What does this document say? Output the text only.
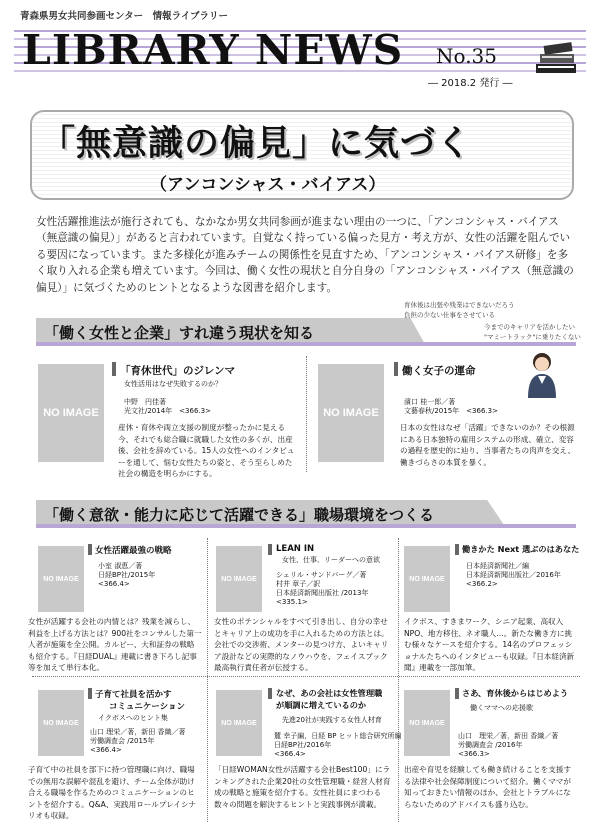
青森県男女共同参画センター　情報ライブラリー
LIBRARY NEWS No.35
― 2018.2 発行 ―
「無意識の偏見」に気づく
（アンコンシャス・バイアス）
女性活躍推進法が施行されても、なかなか男女共同参画が進まない理由の一つに、「アンコンシャス・バイアス（無意識の偏見）」があると言われています。自覚なく持っている偏った見方・考え方が、女性の活躍を阻んでいる要因になっています。また多様化が進みチームの関係性を見直すため、「アンコンシャス・バイアス研修」を多く取り入れる企業も増えています。今回は、働く女性の現状と自分自身の「アンコンシャス・バイアス（無意識の偏見）」に気づくためのヒントとなるような図書を紹介します。
「働く女性と企業」すれ違う現状を知る
育休後は出張や残業はできないだろう
負担の少ない仕事をさせている
今までのキャリアを活かしたい
"マミートラック"に乗りたくない
NO IMAGE
「育休世代」のジレンマ
女性活用はなぜ失敗するのか？
中野　円佳著
光文社/2014年　<366.3>
産休・育休や両立支援の制度が整ったかに見える今、それでも総合職に就職した女性の多くが、出産後、会社を辞めている。15人の女性へのインタビューを通して、悩む女性たちの姿と、そう至らしめた社会の構造を明らかにする。
NO IMAGE
働く女子の運命
濱口 桂一郎／著
文藝春秋/2015年　<366.3>
日本の女性はなぜ「活躍」できないのか？その根源にある日本独特の雇用システムの形成、確立、変容の過程を歴史的に辿り、当事者たちの肉声を交え、働きづらさの本質を暴く。
「働く意欲・能力に応じて活躍できる」職場環境をつくる
NO IMAGE
女性活躍最強の戦略
小室 淑恵／著
日経BP社/2015年
<366.4>
女性が活躍する会社の内情とは？残業を減らし、利益を上げる方法とは？900社をコンサルした第一人者が施策を全公開。カルビー、大和証券の戦略も紹介する。『日経DUAL』連載に書き下ろし記事等を加えて単行本化。
NO IMAGE
LEAN IN
女性、仕事、リーダーへの意欲
シェリル・サンドバーグ／著
村井 章子／訳
日本経済新聞出版社 /2013年
<335.1>
女性のポテンシャルをすべて引き出し、自分の幸せとキャリア上の成功を手に入れるための方法とは。会社での交渉術、メンターの見つけ方、よいキャリア設計などの実際的なノウハウを、フェイスブック最高執行責任者が伝授する。
NO IMAGE
働きかた Next 選ぶのはあなた
日本経済新聞社／編
日本経済新聞出版社／2016年
<366.2>
イクボス、すきまワーク、シニア起業、高収入NPO、地方移住、ネオ職人…。新たな働き方に挑む様々なケースを紹介する。14名のプロフェッショナルたちへのインタビューも収録。『日本経済新聞』連載を一部加筆。
NO IMAGE
子育て社員を活かす
コミュニケーション
イクボスへのヒント集
山口 理栄／著，新田 香織／著
労働調査会 /2015年
<366.4>
子育て中の社員を部下に持つ管理職に向け、職場での無用な誤解や混乱を避け、チーム全体が助け合える職場を作るためのコミュニケーションのヒントを紹介する。Q&A、実践用ロールプレイシナリオも収録。
NO IMAGE
なぜ、あの会社は女性管理職
が順調に増えているのか
先進20社が実践する女性人材育
麓 幸子編，日経 BP ヒット総合研究所編
日経BP社/2016年
<366.4>
「日経WOMAN女性が活躍する会社Best100」にランキングされた企業20社の女性管理職・経営人材育成の戦略と施策を紹介する。女性社員にまつわる数々の問題を解決するヒントと実践事例が満載。
NO IMAGE
さあ、育休後からはじめよう
働くママへの応援歌
山口　理栄／著，新田 香織／著
労働調査会 /2016年
<366.3>
出産や育児を経験しても働き続けることを支援する法律や社会保障制度について紹介。働くママが知っておきたい情報のほか、会社とトラブルにならないためのアドバイスも盛り込む。
